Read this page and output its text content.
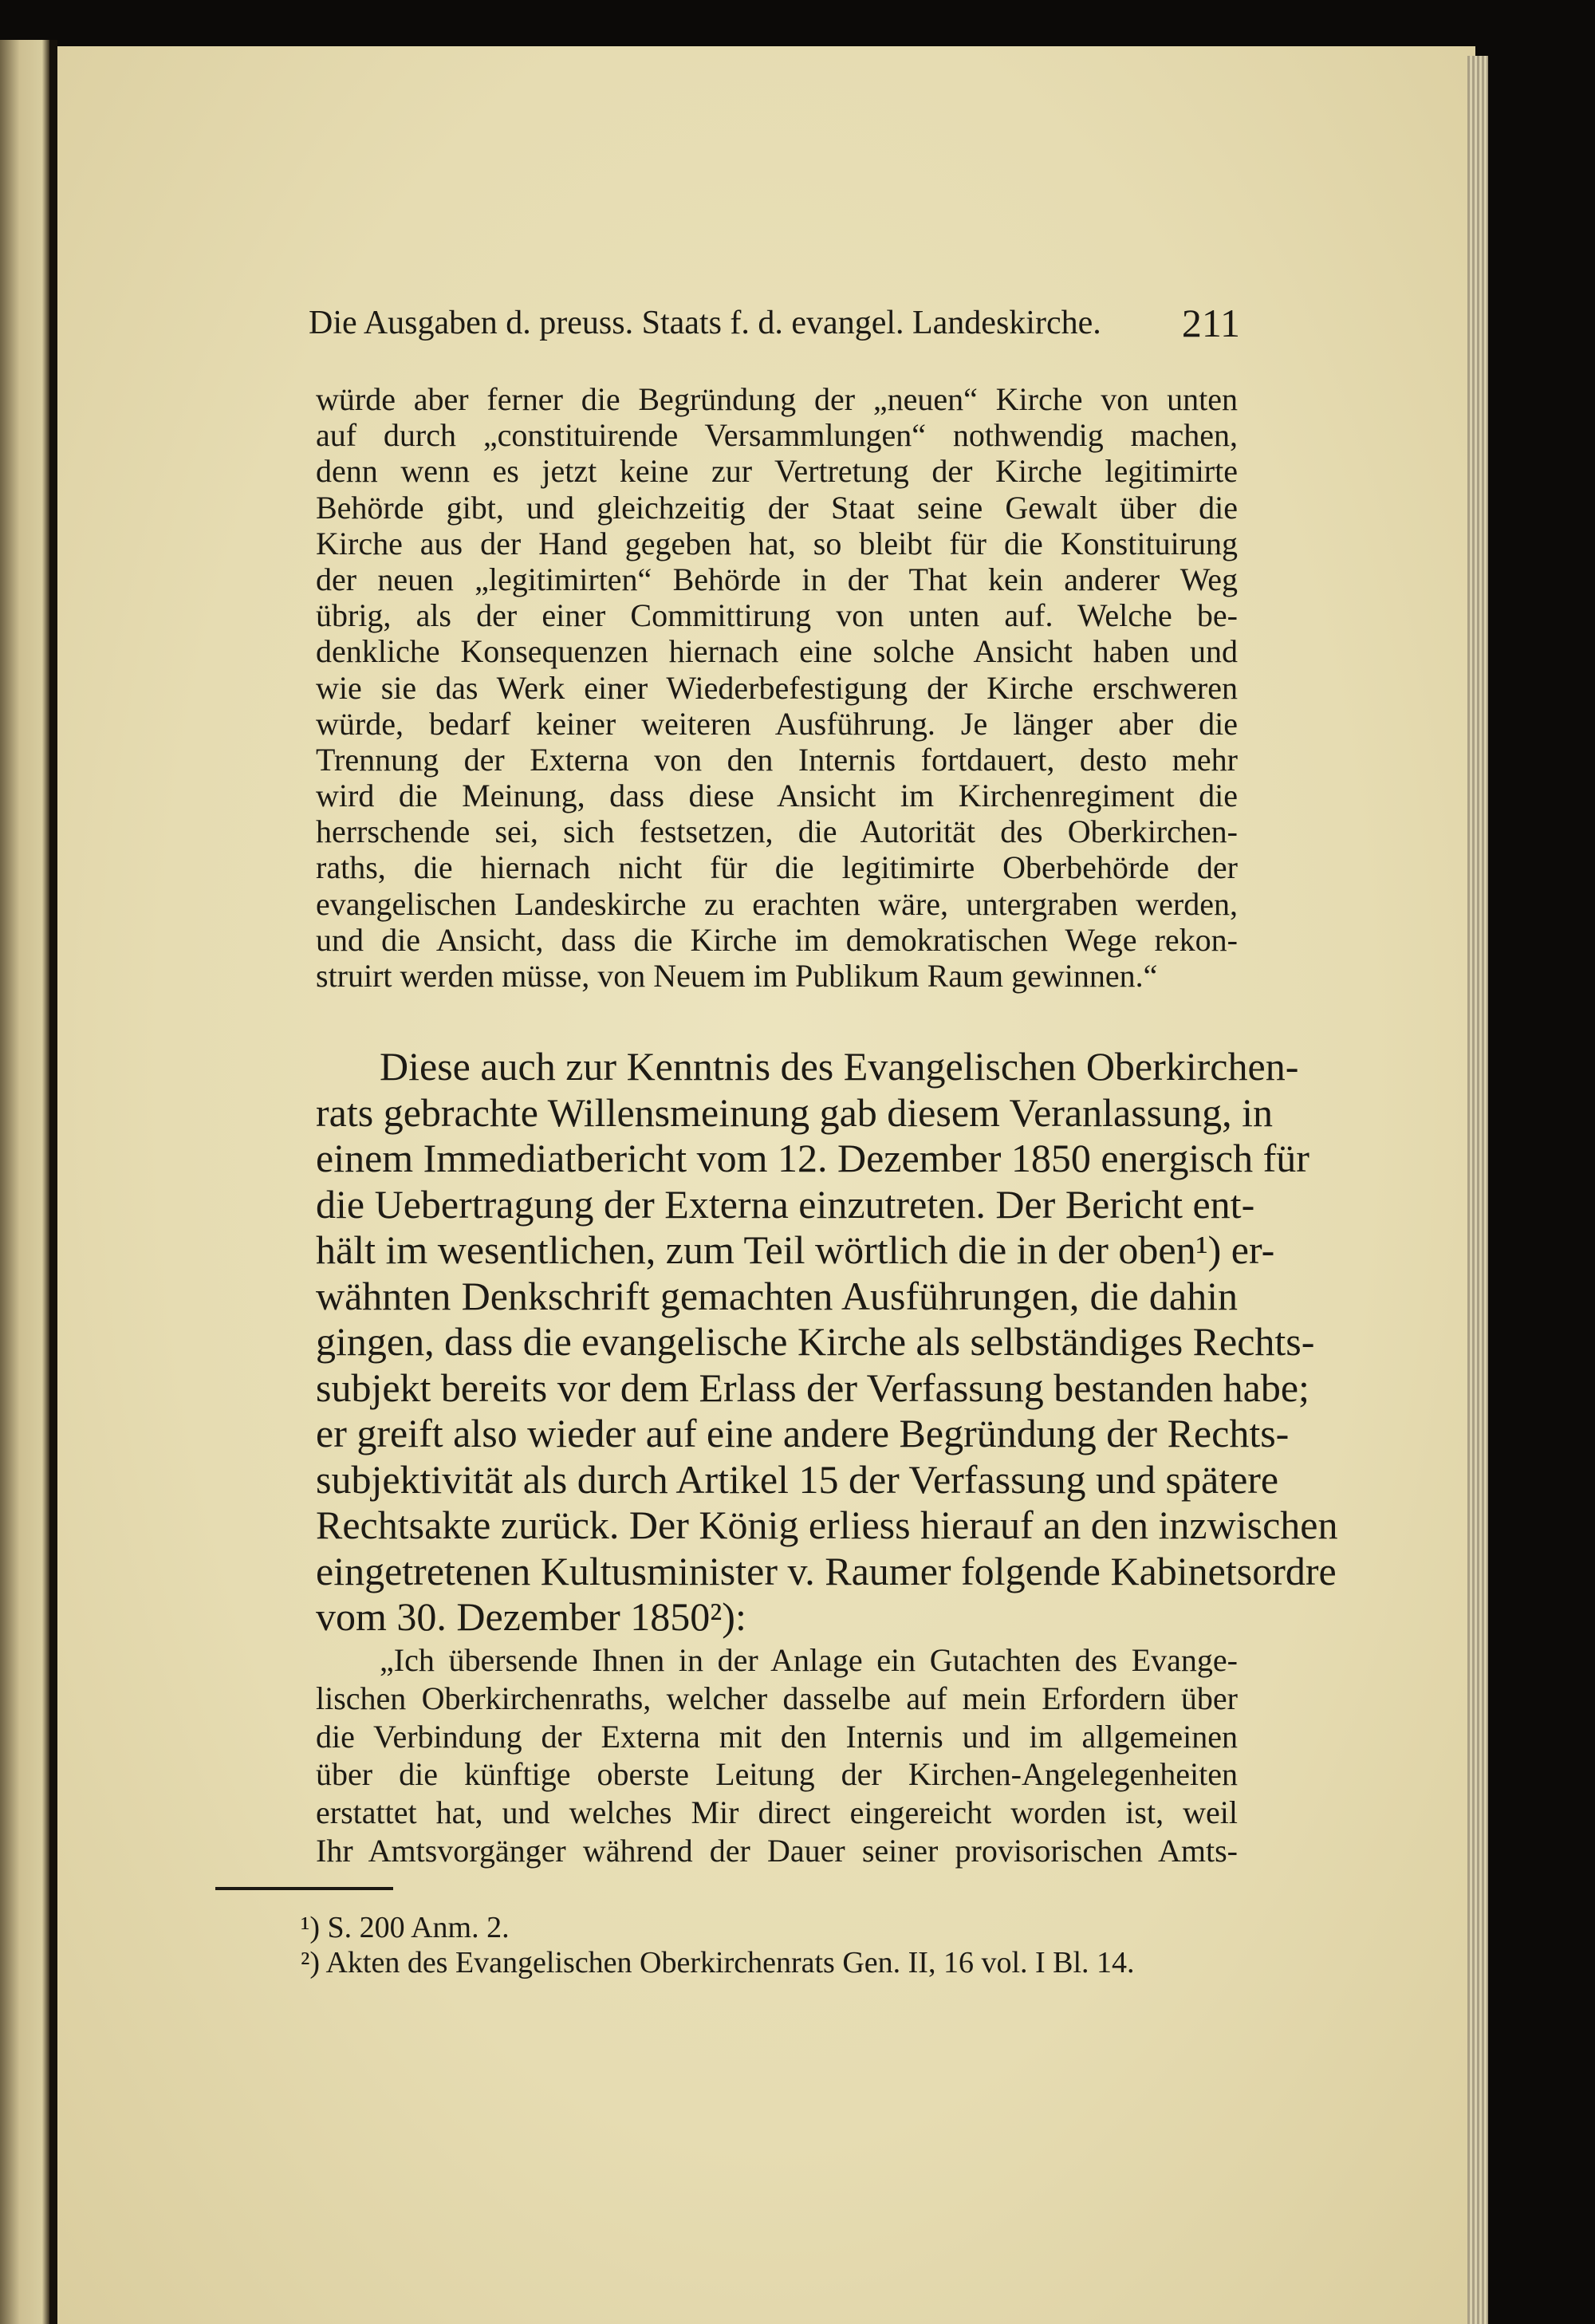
Die Ausgaben d. preuss. Staats f. d. evangel. Landeskirche. 211
würde aber ferner die Begründung der „neuen“ Kirche von unten
auf durch „constituirende Versammlungen“ nothwendig machen,
denn wenn es jetzt keine zur Vertretung der Kirche legitimirte
Behörde gibt, und gleichzeitig der Staat seine Gewalt über die
Kirche aus der Hand gegeben hat, so bleibt für die Konstituirung
der neuen „legitimirten“ Behörde in der That kein anderer Weg
übrig, als der einer Committirung von unten auf. Welche be-
denkliche Konsequenzen hiernach eine solche Ansicht haben und
wie sie das Werk einer Wiederbefestigung der Kirche erschweren
würde, bedarf keiner weiteren Ausführung. Je länger aber die
Trennung der Externa von den Internis fortdauert, desto mehr
wird die Meinung, dass diese Ansicht im Kirchenregiment die
herrschende sei, sich festsetzen, die Autorität des Oberkirchen-
raths, die hiernach nicht für die legitimirte Oberbehörde der
evangelischen Landeskirche zu erachten wäre, untergraben werden,
und die Ansicht, dass die Kirche im demokratischen Wege rekon-
struirt werden müsse, von Neuem im Publikum Raum gewinnen.“
Diese auch zur Kenntnis des Evangelischen Oberkirchen-
rats gebrachte Willensmeinung gab diesem Veranlassung, in
einem Immediatbericht vom 12. Dezember 1850 energisch für
die Uebertragung der Externa einzutreten. Der Bericht ent-
hält im wesentlichen, zum Teil wörtlich die in der oben¹) er-
wähnten Denkschrift gemachten Ausführungen, die dahin
gingen, dass die evangelische Kirche als selbständiges Rechts-
subjekt bereits vor dem Erlass der Verfassung bestanden habe;
er greift also wieder auf eine andere Begründung der Rechts-
subjektivität als durch Artikel 15 der Verfassung und spätere
Rechtsakte zurück. Der König erliess hierauf an den inzwischen
eingetretenen Kultusminister v. Raumer folgende Kabinetsordre
vom 30. Dezember 1850²):
„Ich übersende Ihnen in der Anlage ein Gutachten des Evange-
lischen Oberkirchenraths, welcher dasselbe auf mein Erfordern über
die Verbindung der Externa mit den Internis und im allgemeinen
über die künftige oberste Leitung der Kirchen-Angelegenheiten
erstattet hat, und welches Mir direct eingereicht worden ist, weil
Ihr Amtsvorgänger während der Dauer seiner provisorischen Amts-
¹) S. 200 Anm. 2.
²) Akten des Evangelischen Oberkirchenrats Gen. II, 16 vol. I Bl. 14.
